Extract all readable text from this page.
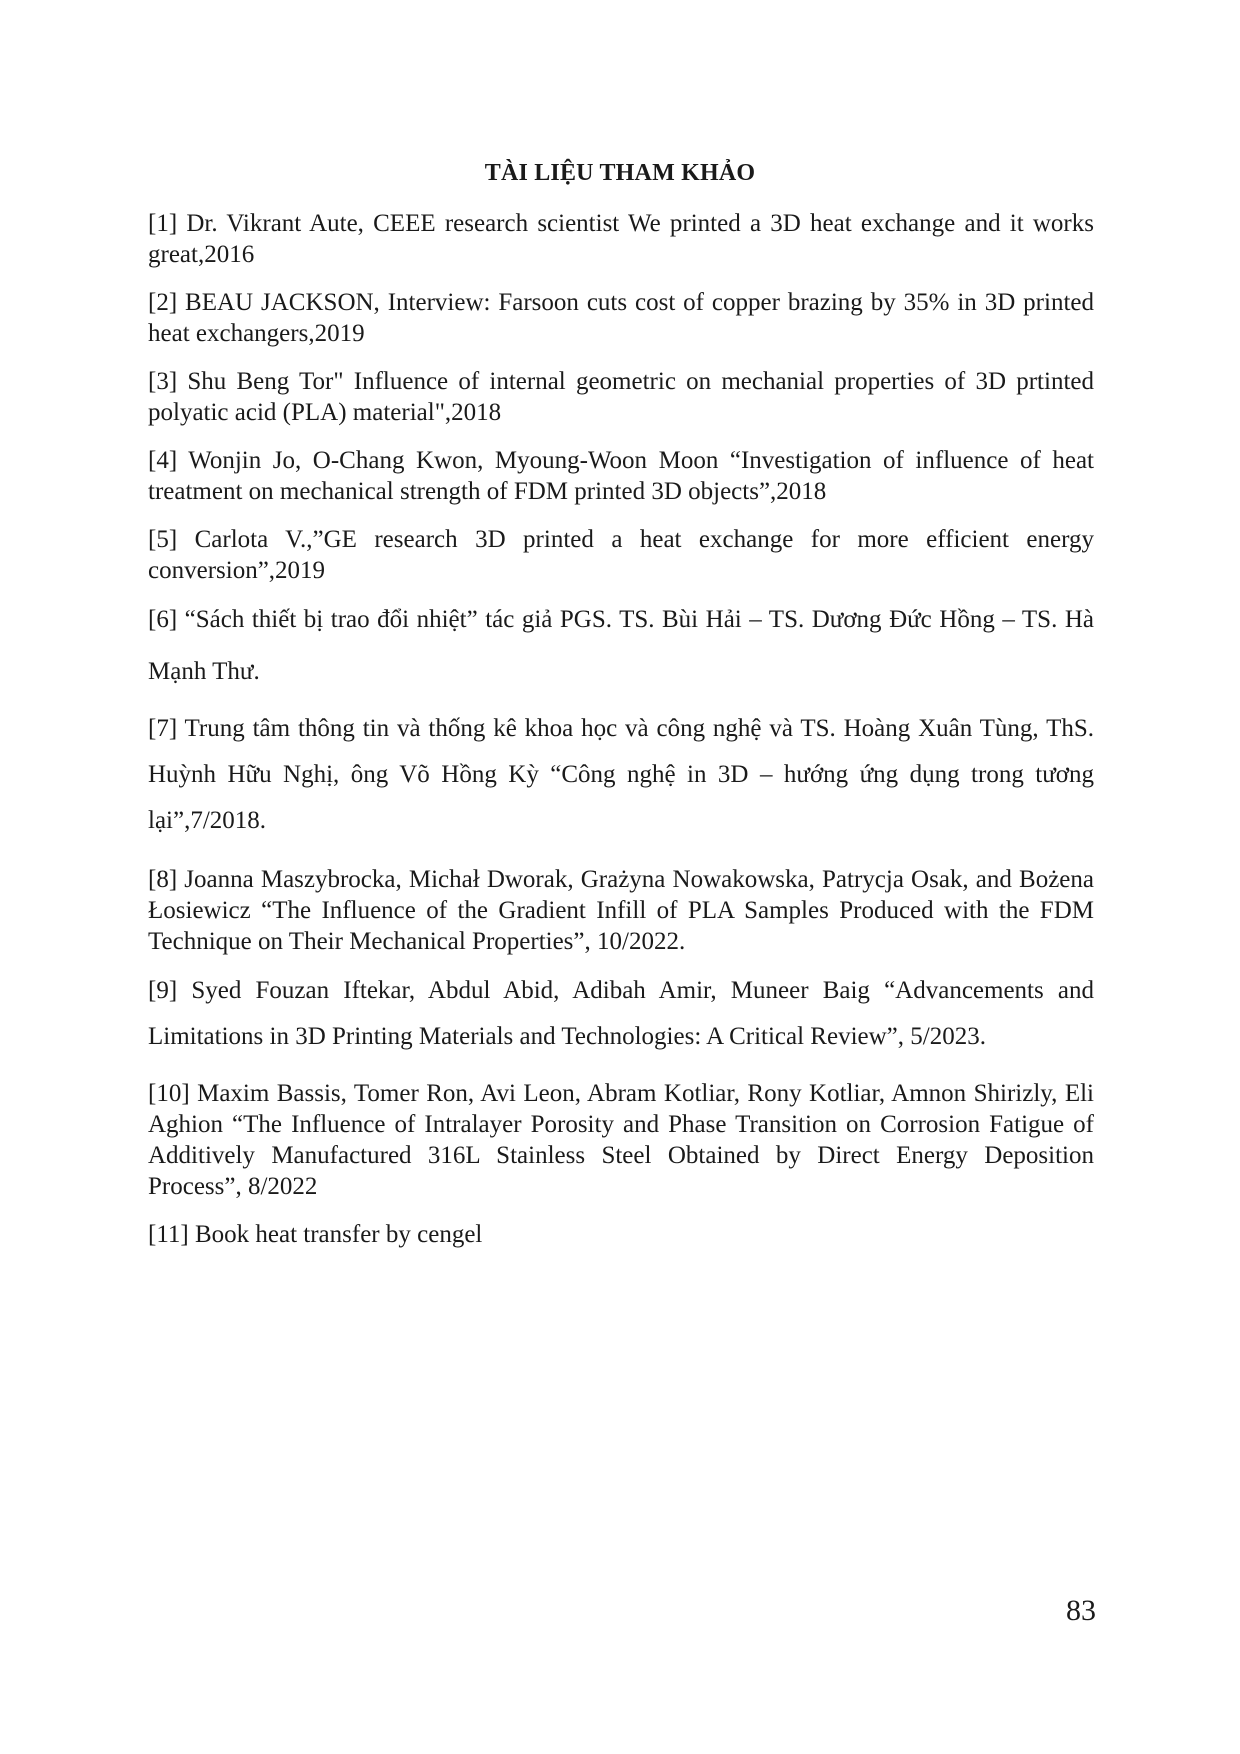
TÀI LIỆU THAM KHẢO

[1] Dr. Vikrant Aute, CEEE research scientist We printed a 3D heat exchange and it works great,2016

[2] BEAU JACKSON, Interview: Farsoon cuts cost of copper brazing by 35% in 3D printed heat exchangers,2019

[3] Shu Beng Tor" Influence of internal geometric on mechanial properties of 3D prtinted polyatic acid (PLA) material",2018

[4] Wonjin Jo, O-Chang Kwon, Myoung-Woon Moon “Investigation of influence of heat treatment on mechanical strength of FDM printed 3D objects”,2018

[5] Carlota V.,”GE research 3D printed a heat exchange for more efficient energy conversion”,2019

[6] “Sách thiết bị trao đổi nhiệt” tác giả PGS. TS. Bùi Hải – TS. Dương Đức Hồng – TS. Hà Mạnh Thư.

[7] Trung tâm thông tin và thống kê khoa học và công nghệ và TS. Hoàng Xuân Tùng, ThS. Huỳnh Hữu Nghị, ông Võ Hồng Kỳ “Công nghệ in 3D – hướng ứng dụng trong tương lại”,7/2018.

[8] Joanna Maszybrocka, Michał Dworak, Grażyna Nowakowska, Patrycja Osak, and Bożena Łosiewicz “The Influence of the Gradient Infill of PLA Samples Produced with the FDM Technique on Their Mechanical Properties”, 10/2022.

[9] Syed Fouzan Iftekar, Abdul Abid, Adibah Amir, Muneer Baig “Advancements and Limitations in 3D Printing Materials and Technologies: A Critical Review”, 5/2023.

[10] Maxim Bassis, Tomer Ron, Avi Leon, Abram Kotliar, Rony Kotliar, Amnon Shirizly, Eli Aghion “The Influence of Intralayer Porosity and Phase Transition on Corrosion Fatigue of Additively Manufactured 316L Stainless Steel Obtained by Direct Energy Deposition Process”, 8/2022

[11] Book heat transfer by cengel

83
